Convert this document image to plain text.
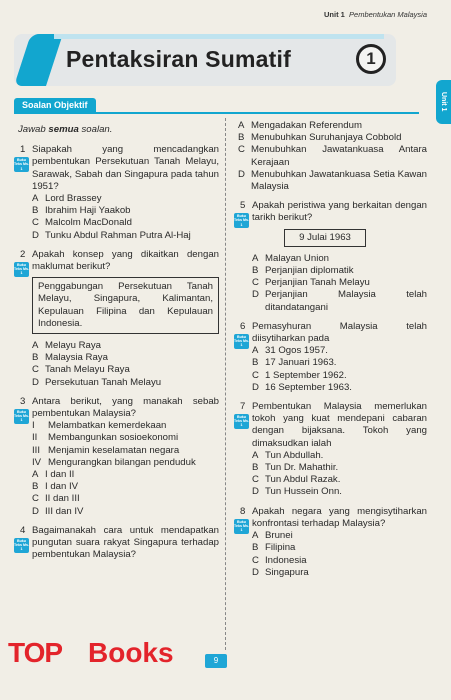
Unit 1 Pembentukan Malaysia
Pentaksiran Sumatif	1
Unit 1
Soalan Objektif
Jawab semua soalan.
1
Buku Teks Ms. 1
Siapakah yang mencadangkan pembentukan Persekutuan Tanah Melayu, Sarawak, Sabah dan Singapura pada tahun 1951?
A Lord Brassey
B Ibrahim Haji Yaakob
C Malcolm MacDonald
D Tunku Abdul Rahman Putra Al-Haj
2
Buku Teks Ms. 1
Apakah konsep yang dikaitkan dengan maklumat berikut?
Penggabungan Persekutuan Tanah Melayu, Singapura, Kalimantan, Kepulauan Filipina dan Kepulauan Indonesia.
A Melayu Raya
B Malaysia Raya
C Tanah Melayu Raya
D Persekutuan Tanah Melayu
3
Buku Teks Ms. 1
Antara berikut, yang manakah sebab pembentukan Malaysia?
I	Melambatkan kemerdekaan
II	Membangunkan sosioekonomi
III Menjamin keselamatan negara
IV Mengurangkan bilangan penduduk
A I dan II
B I dan IV
C II dan III
D III dan IV
4
Buku Teks Ms. 1
Bagaimanakah cara untuk mendapatkan pungutan suara rakyat Singapura terhadap pembentukan Malaysia?
A Mengadakan Referendum
B Menubuhkan Suruhanjaya Cobbold
C Menubuhkan Jawatankuasa Antara Kerajaan
D Menubuhkan Jawatankuasa Setia Kawan Malaysia
5
Buku Teks Ms. 1
Apakah peristiwa yang berkaitan dengan tarikh berikut?
9 Julai 1963
A Malayan Union
B Perjanjian diplomatik
C Perjanjian Tanah Melayu
D Perjanjian Malaysia telah ditandatangani
6
Buku Teks Ms. 1
Pemasyhuran Malaysia telah diisytiharkan pada
A 31 Ogos 1957.
B 17 Januari 1963.
C 1 September 1962.
D 16 September 1963.
7
Buku Teks Ms. 1
Pembentukan Malaysia memerlukan tokoh yang kuat mendepani cabaran dengan bijaksana. Tokoh yang dimaksudkan ialah
A Tun Abdullah.
B Tun Dr. Mahathir.
C Tun Abdul Razak.
D Tun Hussein Onn.
8
Buku Teks Ms. 1
Apakah negara yang mengisytiharkan konfrontasi terhadap Malaysia?
A Brunei
B Filipina
C Indonesia
D Singapura
9
TOP Books
